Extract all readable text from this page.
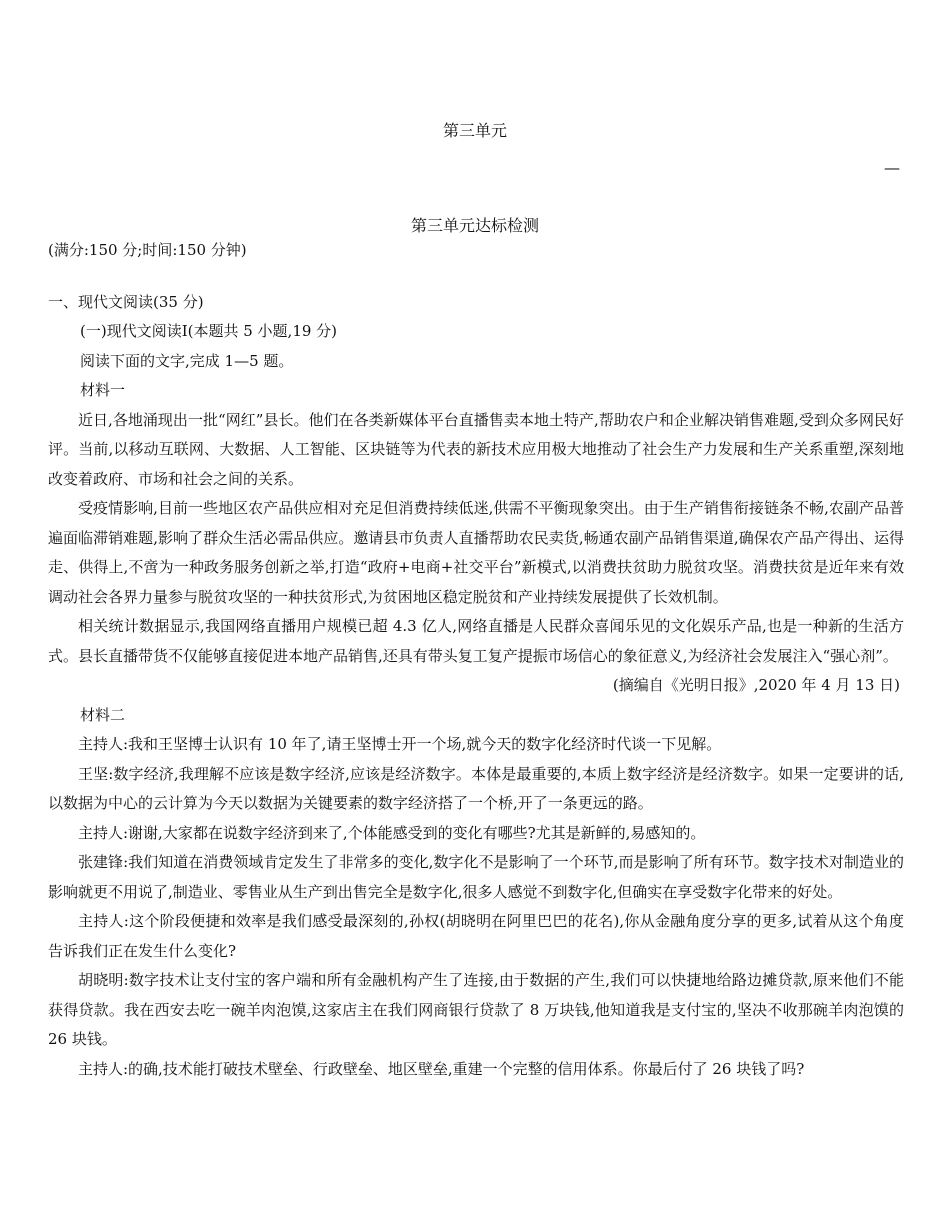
第三单元
—
第三单元达标检测

(满分:150 分;时间:150 分钟)

一、现代文阅读(35 分)

(一)现代文阅读Ⅰ(本题共 5 小题,19 分)

阅读下面的文字,完成 1—5 题。

材料一

近日,各地涌现出一批“网红”县长。他们在各类新媒体平台直播售卖本地土特产,帮助农户和企业解决销售难题,受到众多网民好评。当前,以移动互联网、大数据、人工智能、区块链等为代表的新技术应用极大地推动了社会生产力发展和生产关系重塑,深刻地改变着政府、市场和社会之间的关系。

受疫情影响,目前一些地区农产品供应相对充足但消费持续低迷,供需不平衡现象突出。由于生产销售衔接链条不畅,农副产品普遍面临滞销难题,影响了群众生活必需品供应。邀请县市负责人直播帮助农民卖货,畅通农副产品销售渠道,确保农产品产得出、运得走、供得上,不啻为一种政务服务创新之举,打造“政府+电商+社交平台”新模式,以消费扶贫助力脱贫攻坚。消费扶贫是近年来有效调动社会各界力量参与脱贫攻坚的一种扶贫形式,为贫困地区稳定脱贫和产业持续发展提供了长效机制。

相关统计数据显示,我国网络直播用户规模已超 4.3 亿人,网络直播是人民群众喜闻乐见的文化娱乐产品,也是一种新的生活方式。县长直播带货不仅能够直接促进本地产品销售,还具有带头复工复产提振市场信心的象征意义,为经济社会发展注入“强心剂”。

(摘编自《光明日报》,2020 年 4 月 13 日)

材料二

主持人:我和王坚博士认识有 10 年了,请王坚博士开一个场,就今天的数字化经济时代谈一下见解。

王坚:数字经济,我理解不应该是数字经济,应该是经济数字。本体是最重要的,本质上数字经济是经济数字。如果一定要讲的话,以数据为中心的云计算为今天以数据为关键要素的数字经济搭了一个桥,开了一条更远的路。

主持人:谢谢,大家都在说数字经济到来了,个体能感受到的变化有哪些?尤其是新鲜的,易感知的。

张建锋:我们知道在消费领域肯定发生了非常多的变化,数字化不是影响了一个环节,而是影响了所有环节。数字技术对制造业的影响就更不用说了,制造业、零售业从生产到出售完全是数字化,很多人感觉不到数字化,但确实在享受数字化带来的好处。

主持人:这个阶段便捷和效率是我们感受最深刻的,孙权(胡晓明在阿里巴巴的花名),你从金融角度分享的更多,试着从这个角度告诉我们正在发生什么变化?

胡晓明:数字技术让支付宝的客户端和所有金融机构产生了连接,由于数据的产生,我们可以快捷地给路边摊贷款,原来他们不能获得贷款。我在西安去吃一碗羊肉泡馍,这家店主在我们网商银行贷款了 8 万块钱,他知道我是支付宝的,坚决不收那碗羊肉泡馍的 26 块钱。

主持人:的确,技术能打破技术壁垒、行政壁垒、地区壁垒,重建一个完整的信用体系。你最后付了 26 块钱了吗?
